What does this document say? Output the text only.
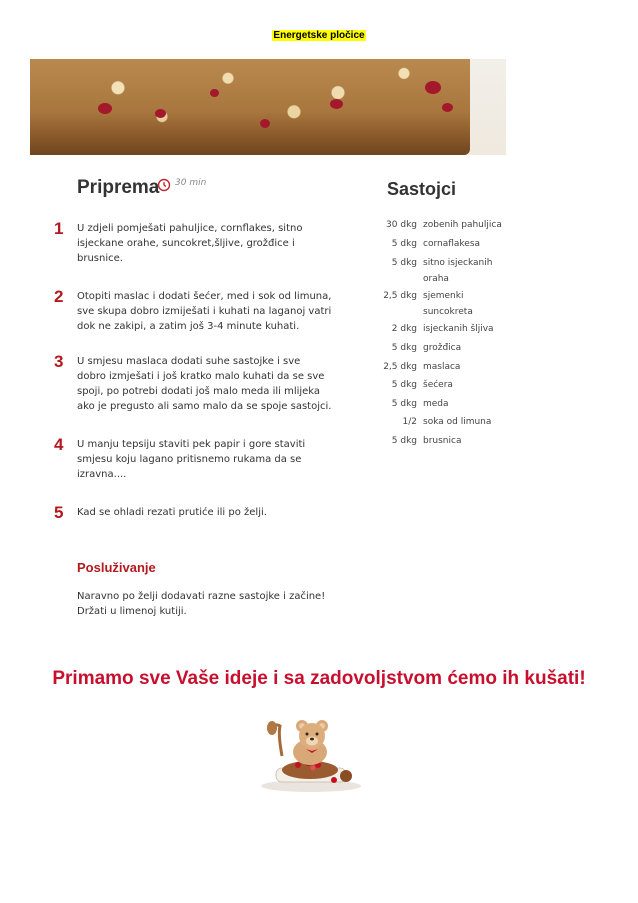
Energetske pločice
Priprema 30 min
1 U zdjeli pomješati pahuljice, cornflakes, sitno isjeckane orahe, suncokret,šljive, grožđice i brusnice.
2 Otopiti maslac i dodati šećer, med i sok od limuna, sve skupa dobro izmiješati i kuhati na laganoj vatri dok ne zakipi, a zatim još 3-4 minute kuhati.
3 U smjesu maslaca dodati suhe sastojke i sve dobro izmješati i još kratko malo kuhati da se sve spoji, po potrebi dodati još malo meda ili mlijeka ako je pregusto ali samo malo da se spoje sastojci.
4 U manju tepsiju staviti pek papir i gore staviti smjesu koju lagano pritisnemo rukama da se izravna....
5 Kad se ohladi rezati prutiće ili po želji.
Posluživanje
Naravno po želji dodavati razne sastojke i začine! Držati u limenoj kutiji.
Sastojci
30 dkg zobenih pahuljica
5 dkg cornaflakesa
5 dkg sitno isjeckanih oraha
2,5 dkg sjemenki suncokreta
2 dkg isjeckanih šljiva
5 dkg grožđica
2,5 dkg maslaca
5 dkg šećera
5 dkg meda
1/2 soka od limuna
5 dkg brusnica
Primamo sve Vaše ideje i sa zadovoljstvom ćemo ih kušati!
